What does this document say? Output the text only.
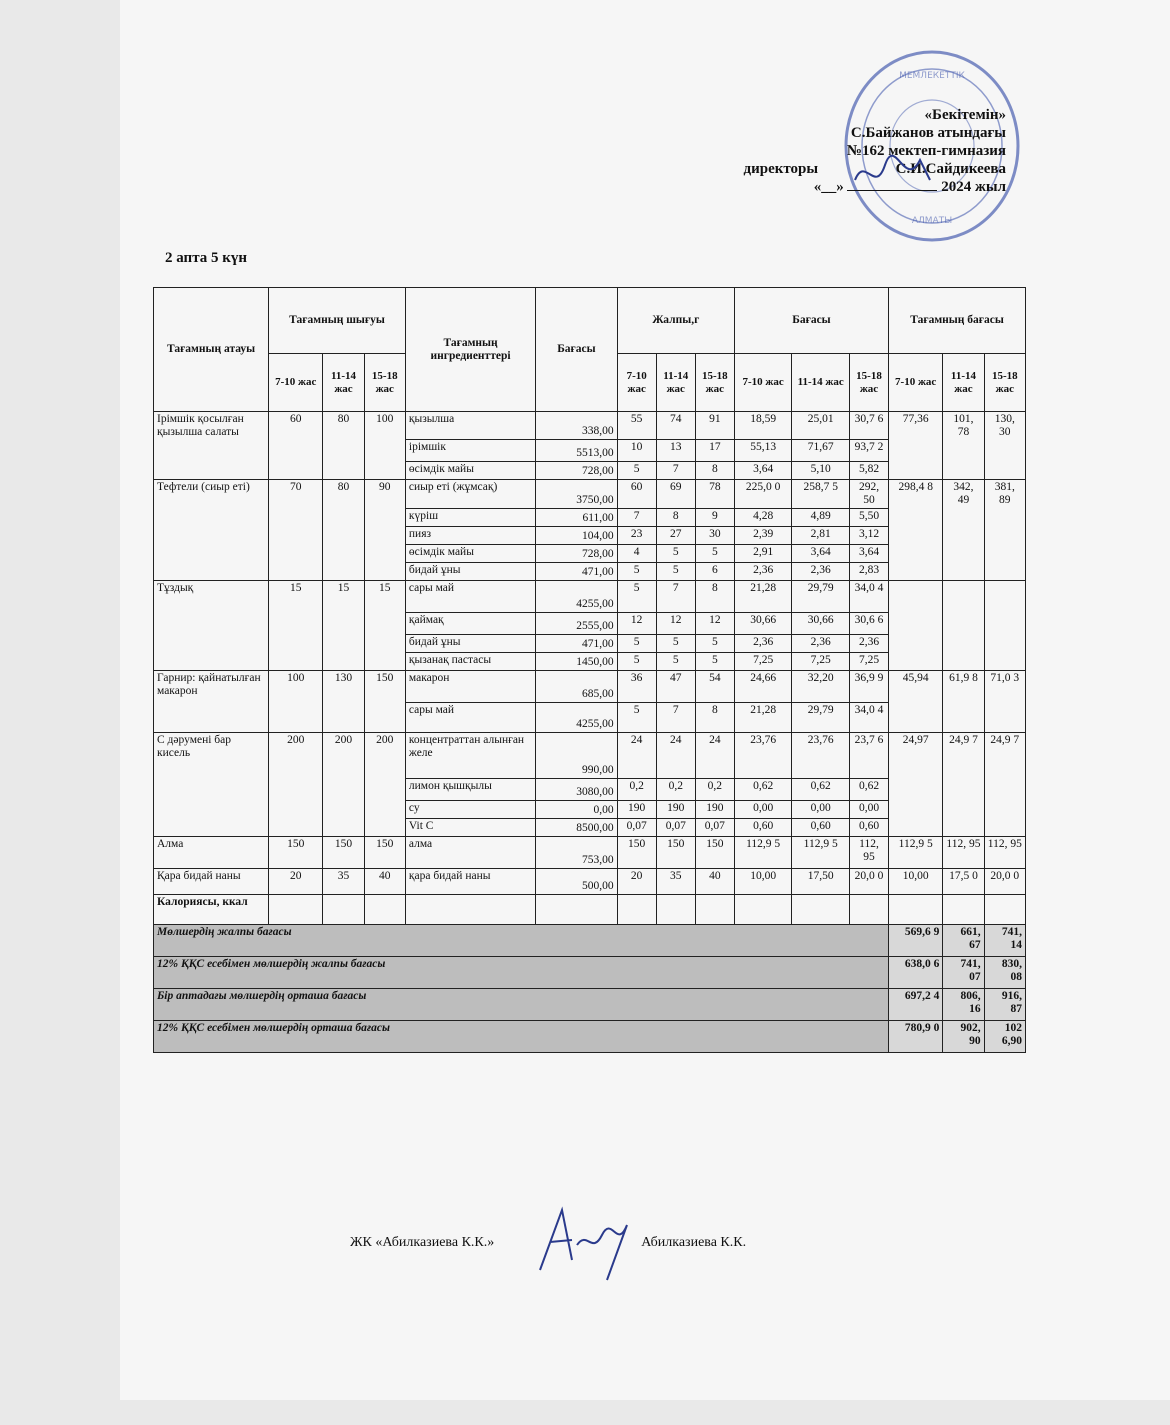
МЕМЛЕКЕТТІК
АЛМАТЫ
«Бекітемін»
С.Байжанов атындағы
№162 мектеп-гимназия
директоры	С.И.Сайдикеева
«__»	2024 жыл
2 апта 5 күн
Тағамның атауы	Тағамның шығуы			Тағамның ингредиенттері	Бағасы	Жалпы,г			Бағасы			Тағамның бағасы		
	7-10 жас	11-14 жас	15-18 жас			7-10 жас	11-14 жас	15-18 жас	7-10 жас	11-14 жас	15-18 жас	7-10 жас	11-14 жас	15-18 жас
Ірімшік қосылған қызылша салаты	60	80	100	қызылша	338,00	55	74	91	18,59	25,01	30,7 6	77,36	101, 78	130, 30
				ірімшік	5513,00	10	13	17	55,13	71,67	93,7 2			
				өсімдік майы	728,00	5	7	8	3,64	5,10	5,82			
Тефтели (сиыр еті)	70	80	90	сиыр еті (жұмсақ)	3750,00	60	69	78	225,0 0	258,7 5	292, 50	298,4 8	342, 49	381, 89
				күріш	611,00	7	8	9	4,28	4,89	5,50			
				пияз	104,00	23	27	30	2,39	2,81	3,12			
				өсімдік майы	728,00	4	5	5	2,91	3,64	3,64			
				бидай ұны	471,00	5	5	6	2,36	2,36	2,83			
Тұздық	15	15	15	сары май	4255,00	5	7	8	21,28	29,79	34,0 4			
				қаймақ	2555,00	12	12	12	30,66	30,66	30,6 6			
				бидай ұны	471,00	5	5	5	2,36	2,36	2,36			
				қызанақ пастасы	1450,00	5	5	5	7,25	7,25	7,25			
Гарнир: қайнатылған макарон	100	130	150	макарон	685,00	36	47	54	24,66	32,20	36,9 9	45,94	61,9 8	71,0 3
				сары май	4255,00	5	7	8	21,28	29,79	34,0 4			
С дәрумені бар кисель	200	200	200	концентраттан алынған желе	990,00	24	24	24	23,76	23,76	23,7 6	24,97	24,9 7	24,9 7
				лимон қышқылы	3080,00	0,2	0,2	0,2	0,62	0,62	0,62			
				су	0,00	190	190	190	0,00	0,00	0,00			
				Vit C	8500,00	0,07	0,07	0,07	0,60	0,60	0,60			
Алма	150	150	150	алма	753,00	150	150	150	112,9 5	112,9 5	112, 95	112,9 5	112, 95	112, 95
Қара бидай наны	20	35	40	қара бидай наны	500,00	20	35	40	10,00	17,50	20,0 0	10,00	17,5 0	20,0 0
Калориясы, ккал														
Мөлшердің жалпы бағасы												569,6 9	661, 67	741, 14
12% ҚҚС есебімен мөлшердің жалпы бағасы												638,0 6	741, 07	830, 08
Бір аптадағы мөлшердің орташа бағасы												697,2 4	806, 16	916, 87
12% ҚҚС есебімен мөлшердің орташа бағасы												780,9 0	902, 90	102 6,90
ЖК «Абилказиева К.К.»	Абилказиева К.К.
